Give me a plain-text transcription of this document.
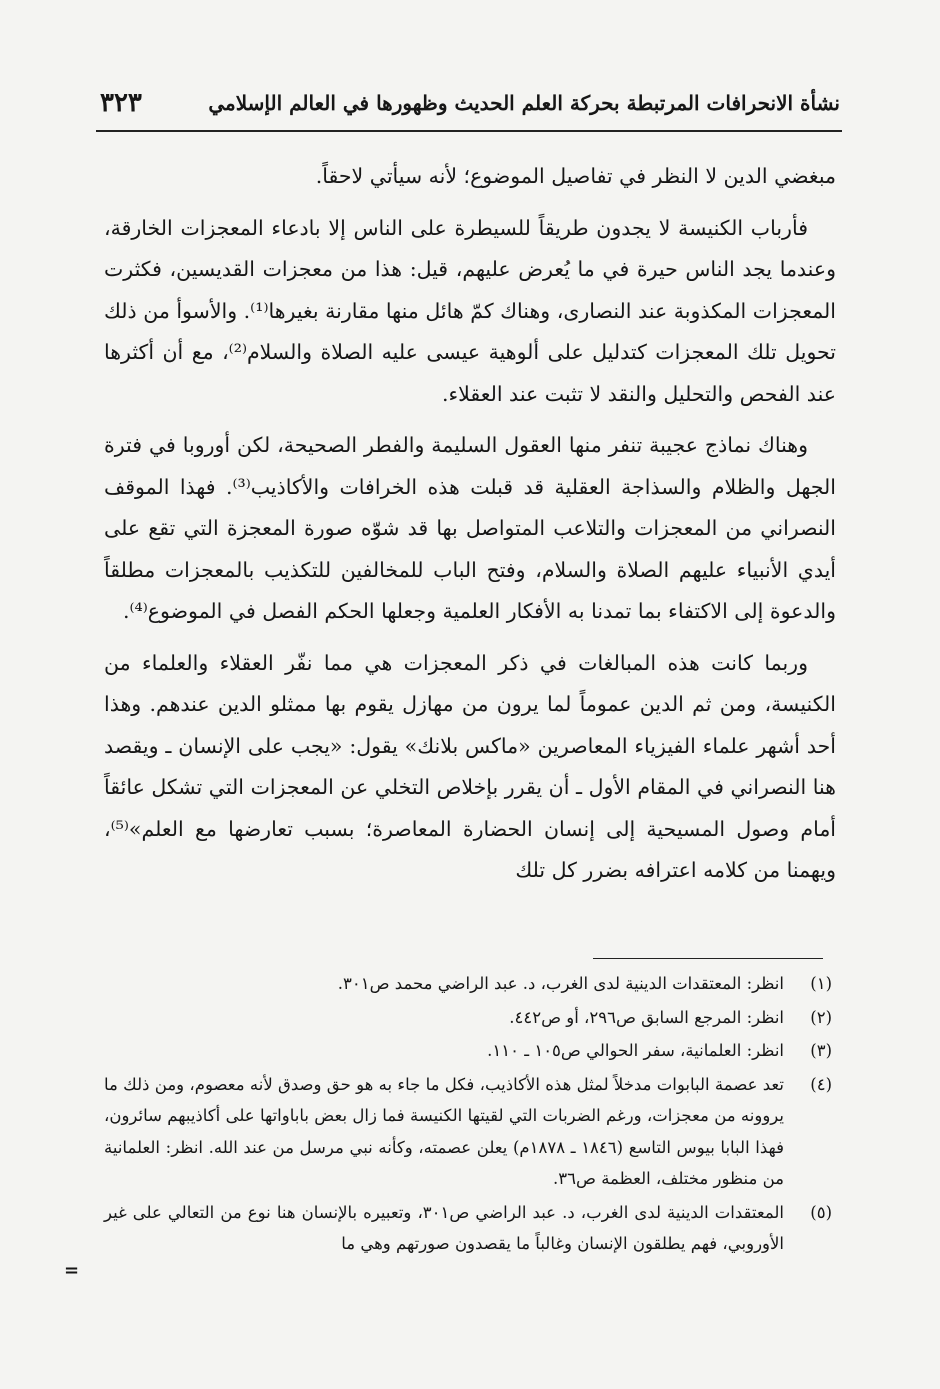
نشأة الانحرافات المرتبطة بحركة العلم الحديث وظهورها في العالم الإسلامي
٣٢٣

مبغضي الدين لا النظر في تفاصيل الموضوع؛ لأنه سيأتي لاحقاً.

فأرباب الكنيسة لا يجدون طريقاً للسيطرة على الناس إلا بادعاء المعجزات الخارقة، وعندما يجد الناس حيرة في ما يُعرض عليهم، قيل: هذا من معجزات القديسين، فكثرت المعجزات المكذوبة عند النصارى، وهناك كمّ هائل منها مقارنة بغيرها⁽¹⁾. والأسوأ من ذلك تحويل تلك المعجزات كتدليل على ألوهية عيسى عليه الصلاة والسلام⁽²⁾، مع أن أكثرها عند الفحص والتحليل والنقد لا تثبت عند العقلاء.

وهناك نماذج عجيبة تنفر منها العقول السليمة والفطر الصحيحة، لكن أوروبا في فترة الجهل والظلام والسذاجة العقلية قد قبلت هذه الخرافات والأكاذيب⁽³⁾. فهذا الموقف النصراني من المعجزات والتلاعب المتواصل بها قد شوّه صورة المعجزة التي تقع على أيدي الأنبياء عليهم الصلاة والسلام، وفتح الباب للمخالفين للتكذيب بالمعجزات مطلقاً والدعوة إلى الاكتفاء بما تمدنا به الأفكار العلمية وجعلها الحكم الفصل في الموضوع⁽⁴⁾.

وربما كانت هذه المبالغات في ذكر المعجزات هي مما نفّر العقلاء والعلماء من الكنيسة، ومن ثم الدين عموماً لما يرون من مهازل يقوم بها ممثلو الدين عندهم. وهذا أحد أشهر علماء الفيزياء المعاصرين «ماكس بلانك» يقول: «يجب على الإنسان ـ ويقصد هنا النصراني في المقام الأول ـ أن يقرر بإخلاص التخلي عن المعجزات التي تشكل عائقاً أمام وصول المسيحية إلى إنسان الحضارة المعاصرة؛ بسبب تعارضها مع العلم»⁽⁵⁾، ويهمنا من كلامه اعترافه بضرر كل تلك

(١)
انظر: المعتقدات الدينية لدى الغرب، د. عبد الراضي محمد ص٣٠١.
(٢)
انظر: المرجع السابق ص٢٩٦، أو ص٤٤٢.
(٣)
انظر: العلمانية، سفر الحوالي ص١٠٥ ـ ١١٠.
(٤)
تعد عصمة البابوات مدخلاً لمثل هذه الأكاذيب، فكل ما جاء به هو حق وصدق لأنه معصوم، ومن ذلك ما يروونه من معجزات، ورغم الضربات التي لقيتها الكنيسة فما زال بعض باباواتها على أكاذيبهم سائرون، فهذا البابا بيوس التاسع (١٨٤٦ ـ ١٨٧٨م) يعلن عصمته، وكأنه نبي مرسل من عند الله. انظر: العلمانية من منظور مختلف، العظمة ص٣٦.
(٥)
المعتقدات الدينية لدى الغرب، د. عبد الراضي ص٣٠١، وتعبيره بالإنسان هنا نوع من التعالي على غير الأوروبي، فهم يطلقون الإنسان وغالباً ما يقصدون صورتهم وهي ما
=
